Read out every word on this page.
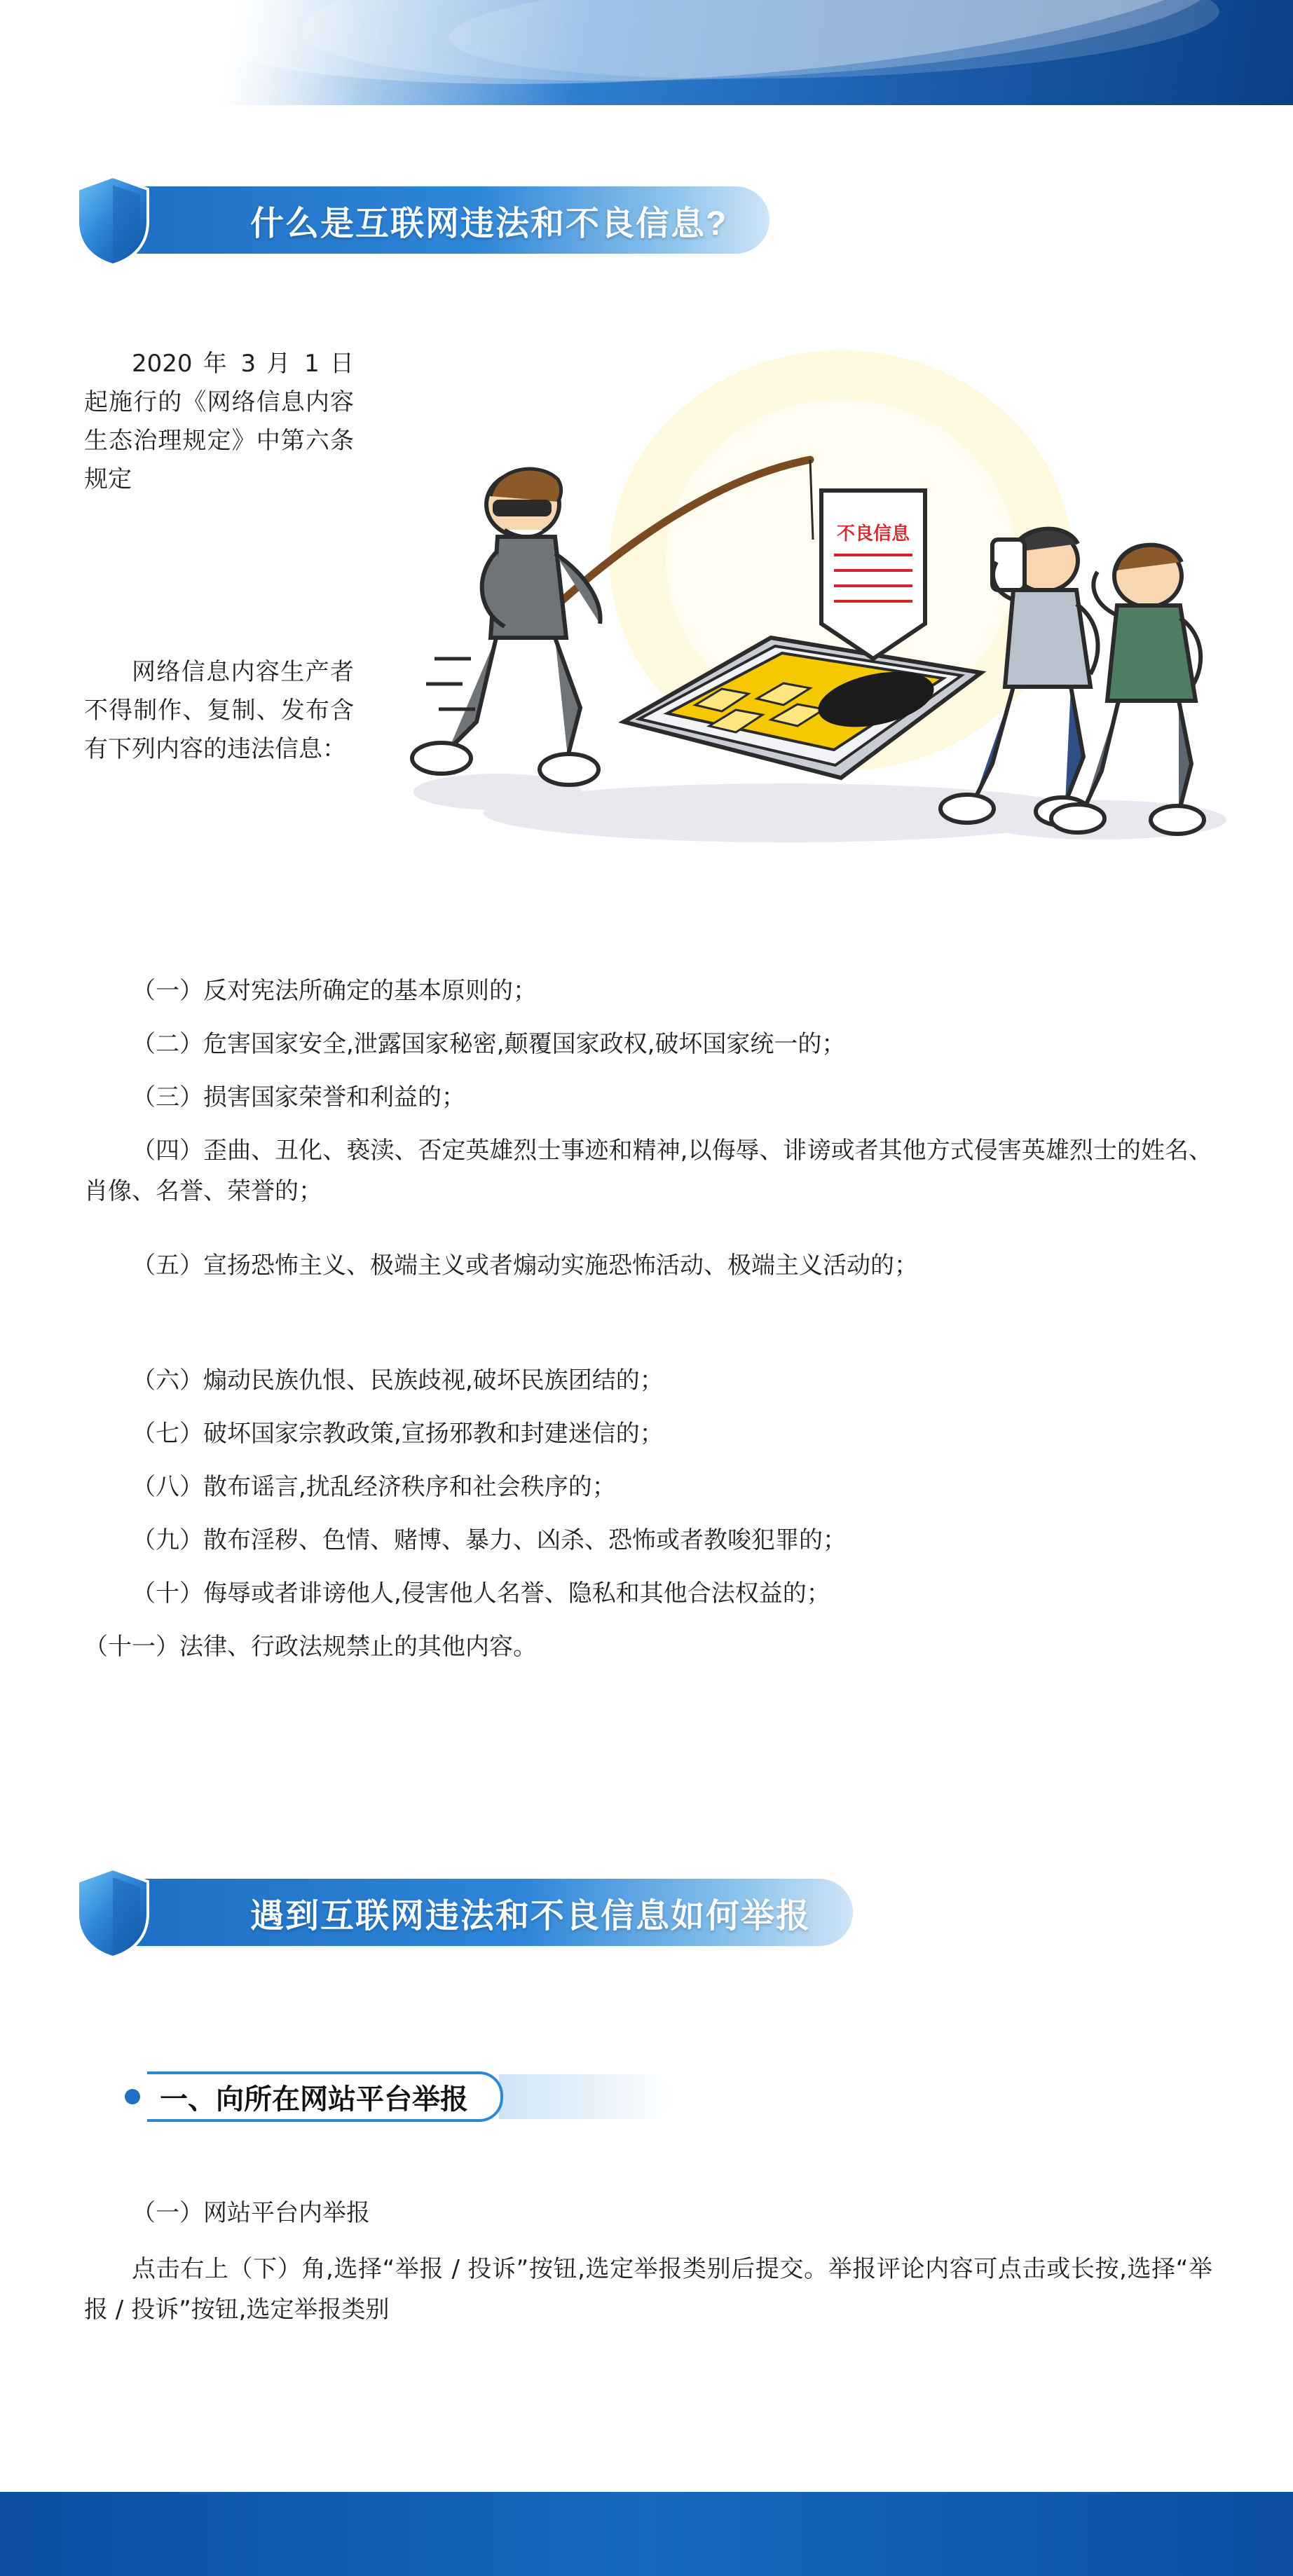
什么是互联网违法和不良信息?
2020 年 3 月 1 日起施行的《网络信息内容生态治理规定》中第六条规定
网络信息内容生产者不得制作、复制、发布含有下列内容的违法信息：
不良信息
（一）反对宪法所确定的基本原则的；
（二）危害国家安全,泄露国家秘密,颠覆国家政权,破坏国家统一的；
（三）损害国家荣誉和利益的；
（四）歪曲、丑化、亵渎、否定英雄烈士事迹和精神,以侮辱、诽谤或者其他方式侵害英雄烈士的姓名、肖像、名誉、荣誉的；
（五）宣扬恐怖主义、极端主义或者煽动实施恐怖活动、极端主义活动的；
（六）煽动民族仇恨、民族歧视,破坏民族团结的；
（七）破坏国家宗教政策,宣扬邪教和封建迷信的；
（八）散布谣言,扰乱经济秩序和社会秩序的；
（九）散布淫秽、色情、赌博、暴力、凶杀、恐怖或者教唆犯罪的；
（十）侮辱或者诽谤他人,侵害他人名誉、隐私和其他合法权益的；
（十一）法律、行政法规禁止的其他内容。
遇到互联网违法和不良信息如何举报
一、向所在网站平台举报
（一）网站平台内举报
点击右上（下）角,选择“举报 / 投诉”按钮,选定举报类别后提交。举报评论内容可点击或长按,选择“举报 / 投诉”按钮,选定举报类别
